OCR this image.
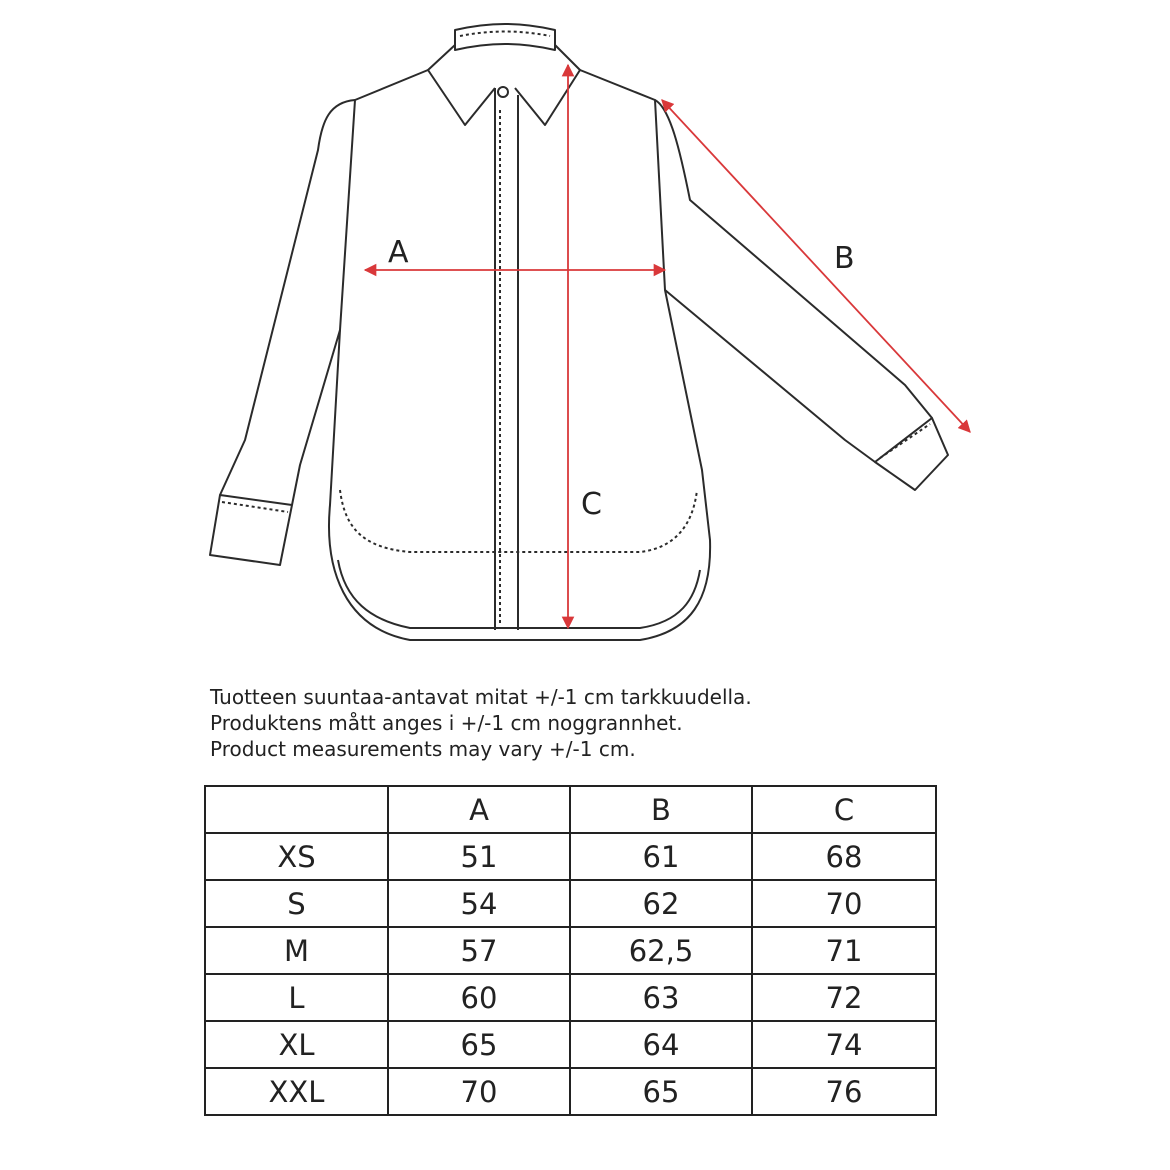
A	B
C
Tuotteen suuntaa-antavat mitat +/-1 cm tarkkuudella.
Produktens mått anges i +/-1 cm noggrannhet.
Product measurements may vary +/-1 cm.
	A	B	C
XS	51	61	68
S	54	62	70
M	57	62,5	71
L	60	63	72
XL	65	64	74
XXL	70	65	76
